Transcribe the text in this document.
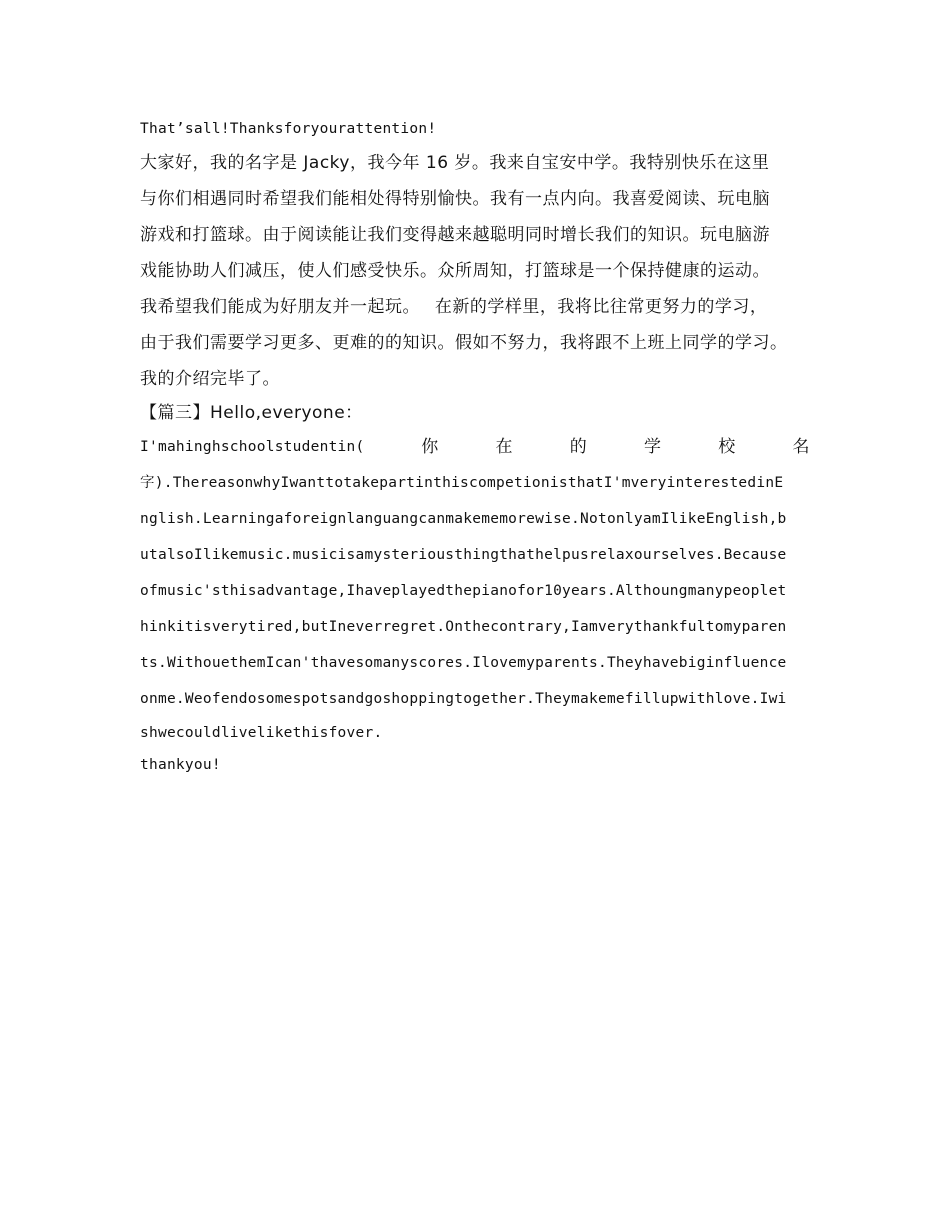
That’sall!Thanksforyourattention!
大家好，我的名字是 Jacky，我今年 16 岁。我来自宝安中学。我特别快乐在这里
与你们相遇同时希望我们能相处得特别愉快。我有一点内向。我喜爱阅读、玩电脑
游戏和打篮球。由于阅读能让我们变得越来越聪明同时增长我们的知识。玩电脑游
戏能协助人们减压，使人们感受快乐。众所周知，打篮球是一个保持健康的运动。
我希望我们能成为好朋友并一起玩。　 在新的学样里，我将比往常更努力的学习，
由于我们需要学习更多、更难的的知识。假如不努力，我将跟不上班上同学的学习。
我的介绍完毕了。
【篇三】Hello,everyone：
I'mahinghschoolstudentin(	你	在	的	学	校	名
字).ThereasonwhyIwanttotakepartinthiscompetionisthatI'mveryinterestedinE
nglish.Learningaforeignlanguangcanmakememorewise.NotonlyamIlikeEnglish,b
utalsoIlikemusic.musicisamysteriousthingthathelpusrelaxourselves.Because
ofmusic'sthisadvantage,Ihaveplayedthepianofor10years.Althoungmanypeoplet
hinkitisverytired,butIneverregret.Onthecontrary,Iamverythankfultomyparen
ts.WithouethemIcan'thavesomanyscores.Ilovemyparents.Theyhavebiginfluence
onme.Weofendosomespotsandgoshoppingtogether.Theymakemefillupwithlove.Iwi
shwecouldlivelikethisfover.
thankyou!
